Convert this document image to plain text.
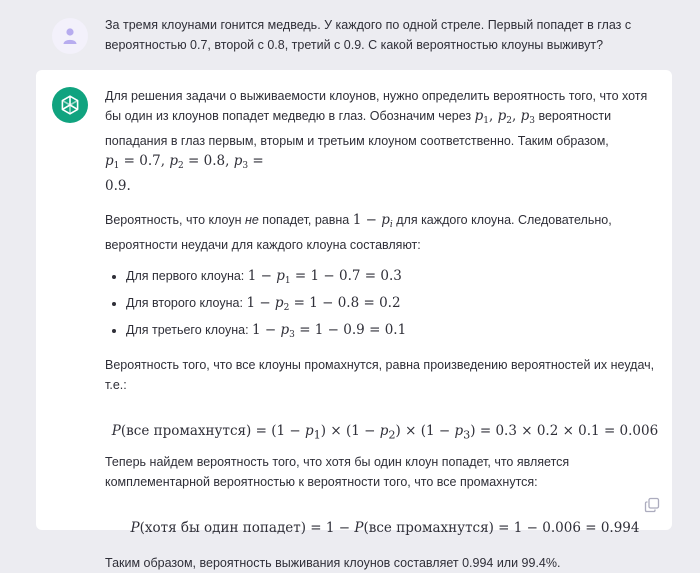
За тремя клоунами гонится медведь. У каждого по одной стреле. Первый попадет в глаз с
вероятностью 0.7, второй с 0.8, третий с 0.9. С какой вероятностью клоуны выживут?

Для решения задачи о выживаемости клоунов, нужно определить вероятность того, что хотя бы один из клоунов попадет медведю в глаз. Обозначим через $p_1$, $p_2$, $p_3$ вероятности попадания в глаз первым, вторым и третьим клоуном соответственно. Таким образом, $p_1 = 0.7$, $p_2 = 0.8$, $p_3$ =
0.9.

Вероятность, что клоун не попадет, равна $1 - p_i$ для каждого клоуна. Следовательно, вероятности неудачи для каждого клоуна составляют:

• Для первого клоуна: $1 - p_1 = 1 - 0.7 = 0.3$
• Для второго клоуна: $1 - p_2 = 1 - 0.8 = 0.2$
• Для третьего клоуна: $1 - p_3 = 1 - 0.9 = 0.1$

Вероятность того, что все клоуны промахнутся, равна произведению вероятностей их неудач, т.е.:

P(все промахнутся) = $(1 - p_1) \times (1 - p_2) \times (1 - p_3) = 0.3 \times 0.2 \times 0.1 = 0.006$

Теперь найдем вероятность того, что хотя бы один клоун попадет, что является комплементарной вероятностью к вероятности того, что все промахнутся:

P(хотя бы один попадет) = 1 − P(все промахнутся) = 1 − 0.006 = 0.994

Таким образом, вероятность выживания клоунов составляет 0.994 или 99.4%.
